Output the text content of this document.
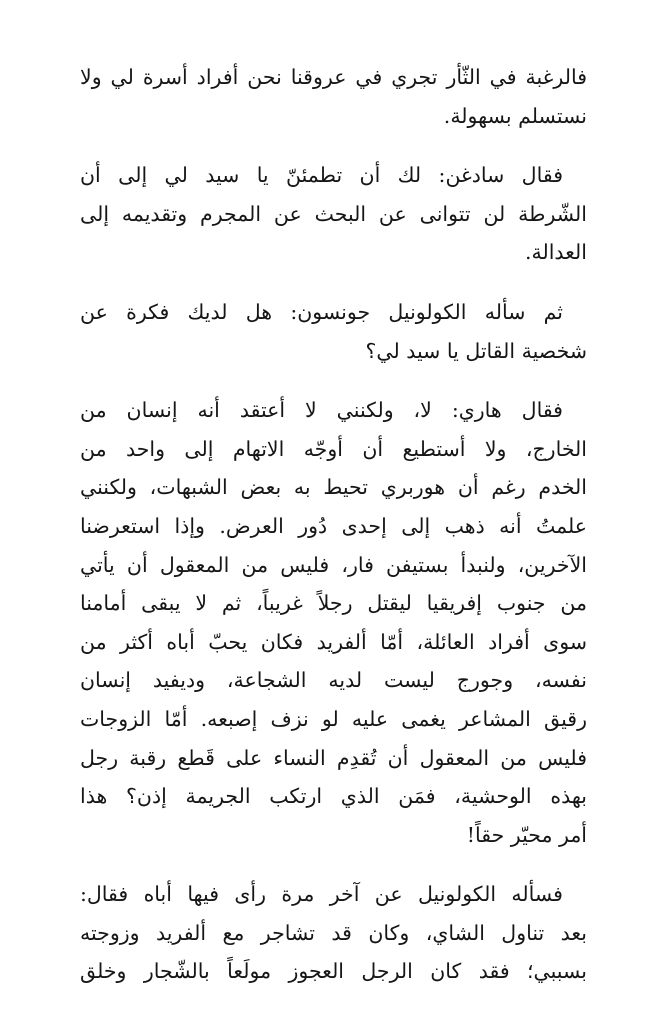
فالرغبة في الثّأر تجري في عروقنا نحن أفراد أسرة لي ولا
نستسلم بسهولة.
فقال سادغن: لك أن تطمئنّ يا سيد لي إلى أن
الشّرطة لن تتوانى عن البحث عن المجرم وتقديمه إلى
العدالة.
ثم سأله الكولونيل جونسون: هل لديك فكرة عن
شخصية القاتل يا سيد لي؟
فقال هاري: لا، ولكنني لا أعتقد أنه إنسان من
الخارج، ولا أستطيع أن أوجّه الاتهام إلى واحد من
الخدم رغم أن هوربري تحيط به بعض الشبهات، ولكنني
علمتُ أنه ذهب إلى إحدى دُور العرض. وإذا استعرضنا
الآخرين، ولنبدأ بستيفن فار، فليس من المعقول أن يأتي
من جنوب إفريقيا ليقتل رجلاً غريباً، ثم لا يبقى أمامنا
سوى أفراد العائلة، أمّا ألفريد فكان يحبّ أباه أكثر من
نفسه، وجورج ليست لديه الشجاعة، وديفيد إنسان
رقيق المشاعر يغمى عليه لو نزف إصبعه. أمّا الزوجات
فليس من المعقول أن تُقدِم النساء على قَطع رقبة رجل
بهذه الوحشية، فمَن الذي ارتكب الجريمة إذن؟ هذا
أمر محيّر حقاً!
فسأله الكولونيل عن آخر مرة رأى فيها أباه فقال:
بعد تناول الشاي، وكان قد تشاجر مع ألفريد وزوجته
بسببي؛ فقد كان الرجل العجوز مولَعاً بالشّجار وخلق
